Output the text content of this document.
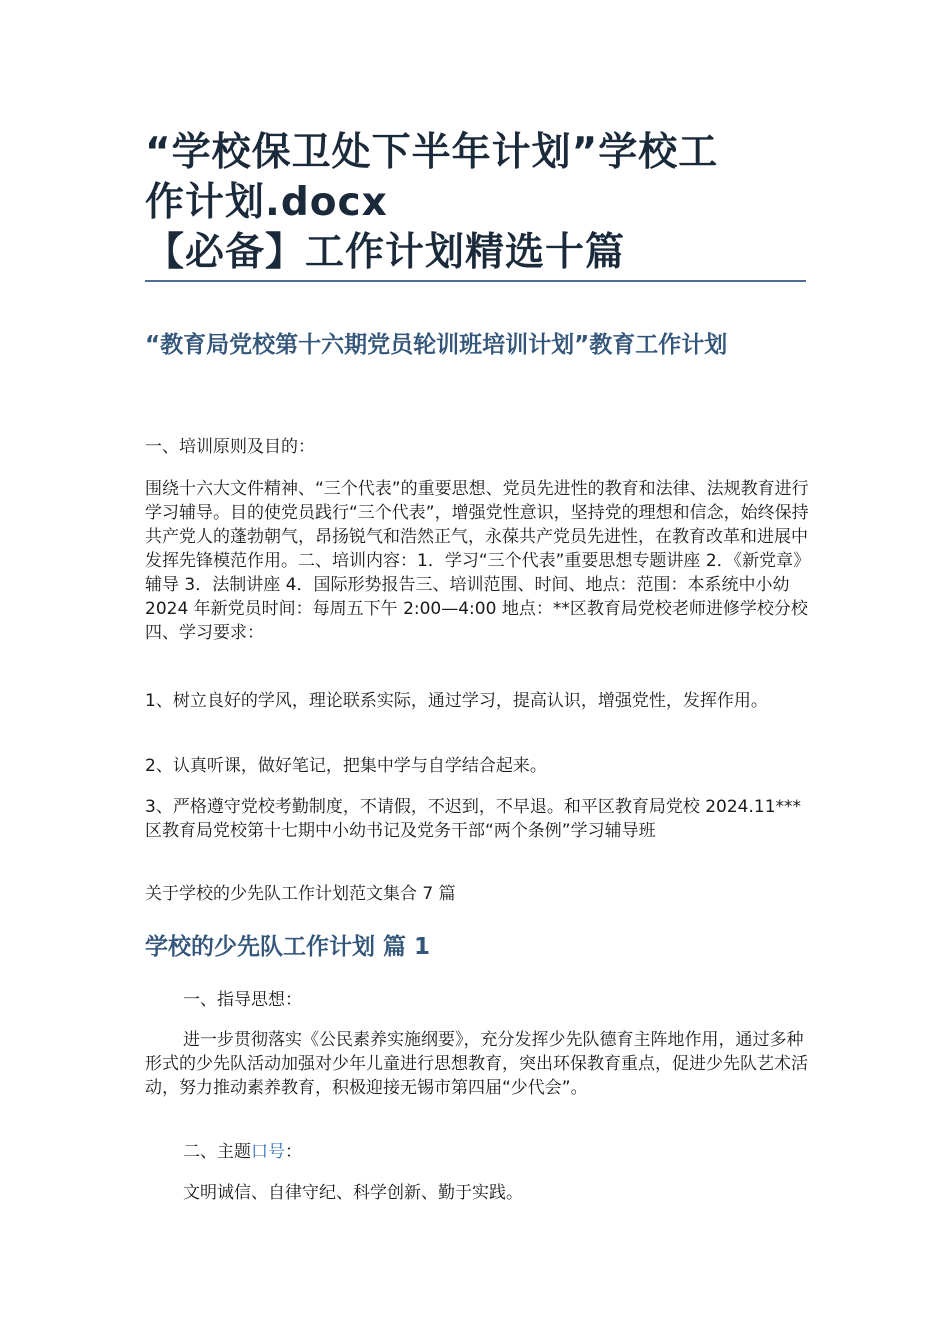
“学校保卫处下半年计划”学校工
作计划.docx
【必备】工作计划精选十篇
“教育局党校第十六期党员轮训班培训计划”教育工作计划
一、培训原则及目的：
围绕十六大文件精神、“三个代表”的重要思想、党员先进性的教育和法律、法规教育进行学习辅导。目的使党员践行“三个代表”，增强党性意识，坚持党的理想和信念，始终保持共产党人的蓬勃朝气，昂扬锐气和浩然正气，永葆共产党员先进性，在教育改革和进展中发挥先锋模范作用。二、培训内容：1．学习“三个代表”重要思想专题讲座 2．《新党章》辅导 3．法制讲座 4．国际形势报告三、培训范围、时间、地点：范围：本系统中小幼 2024 年新党员时间：每周五下午 2:00—4:00 地点：**区教育局党校老师进修学校分校四、学习要求：
1、树立良好的学风，理论联系实际，通过学习，提高认识，增强党性，发挥作用。
2、认真听课，做好笔记，把集中学与自学结合起来。
3、严格遵守党校考勤制度，不请假，不迟到，不早退。和平区教育局党校 2024.11***区教育局党校第十七期中小幼书记及党务干部“两个条例”学习辅导班
关于学校的少先队工作计划范文集合 7 篇
学校的少先队工作计划 篇 1
一、指导思想：
进一步贯彻落实《公民素养实施纲要》，充分发挥少先队德育主阵地作用，通过多种形式的少先队活动加强对少年儿童进行思想教育，突出环保教育重点，促进少先队艺术活动，努力推动素养教育，积极迎接无锡市第四届“少代会”。
二、主题口号：
文明诚信、自律守纪、科学创新、勤于实践。
